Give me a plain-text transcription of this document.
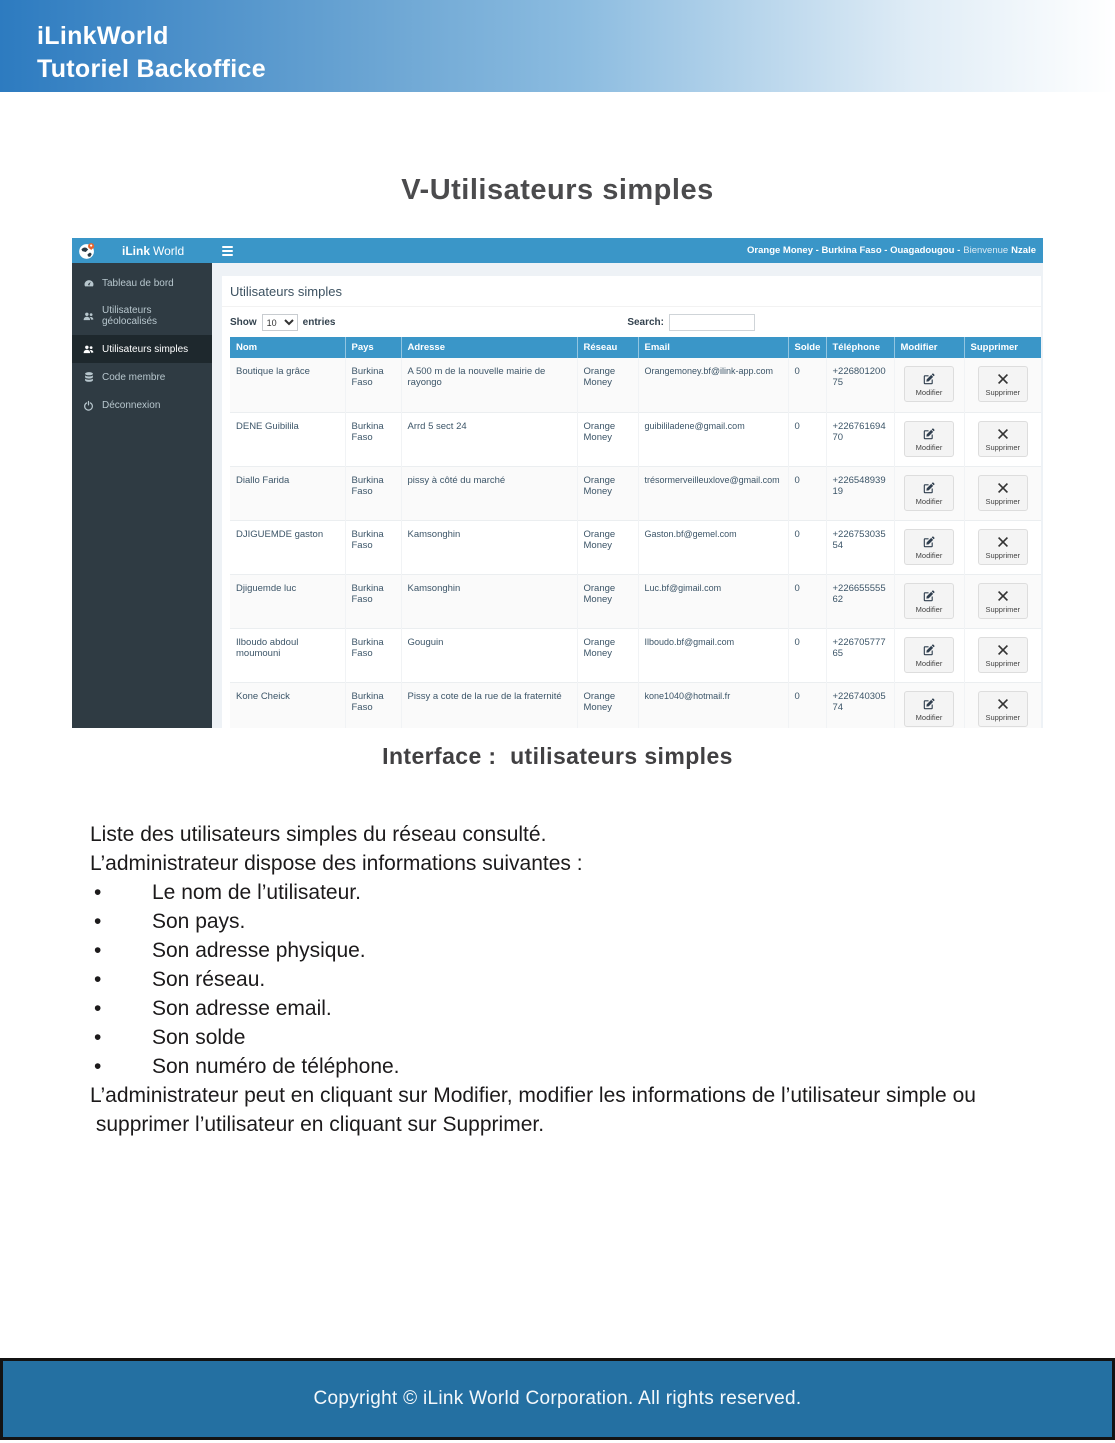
iLinkWorld
Tutoriel Backoffice
V-Utilisateurs simples
iLink World	Orange Money - Burkina Faso - Ouagadougou - Bienvenue Nzale
Tableau de bord
Utilisateurs géolocalisés
Utilisateurs simples
Code membre
Déconnexion
Utilisateurs simples
Show
10	entries	Search:
Nom	Pays	Adresse	Réseau	Email	Solde	Téléphone	Modifier	Supprimer
Boutique la grâce	Burkina Faso	A 500 m de la nouvelle mairie de rayongo	Orange Money	Orangemoney.bf@ilink-app.com	0	+22680120075	Modifier	Supprimer

DENE Guibilila	Burkina Faso	Arrd 5 sect 24	Orange Money	guibililadene@gmail.com	0	+22676169470	Modifier	Supprimer

Diallo Farida	Burkina Faso	pissy à côté du marché	Orange Money	trésormerveilleuxlove@gmail.com	0	+22654893919	Modifier	Supprimer

DJIGUEMDE gaston	Burkina Faso	Kamsonghin	Orange Money	Gaston.bf@gemel.com	0	+22675303554	Modifier	Supprimer

Djiguemde luc	Burkina Faso	Kamsonghin	Orange Money	Luc.bf@gimail.com	0	+22665555562	Modifier	Supprimer

Ilboudo abdoul moumouni	Burkina Faso	Gouguin	Orange Money	Ilboudo.bf@gmail.com	0	+22670577765	Modifier	Supprimer

Kone Cheick	Burkina Faso	Pissy a cote de la rue de la fraternité	Orange Money	kone1040@hotmail.fr	0	+22674030574	Modifier	Supprimer
Interface :  utilisateurs simples
Liste des utilisateurs simples du réseau consulté.
L’administrateur dispose des informations suivantes :
• Le nom de l’utilisateur.
• Son pays.
• Son adresse physique.
• Son réseau.
• Son adresse email.
• Son solde
• Son numéro de téléphone.
L’administrateur peut en cliquant sur Modifier, modifier les informations de l’utilisateur simple ou
supprimer l’utilisateur en cliquant sur Supprimer.
Copyright © iLink World Corporation. All rights reserved.
